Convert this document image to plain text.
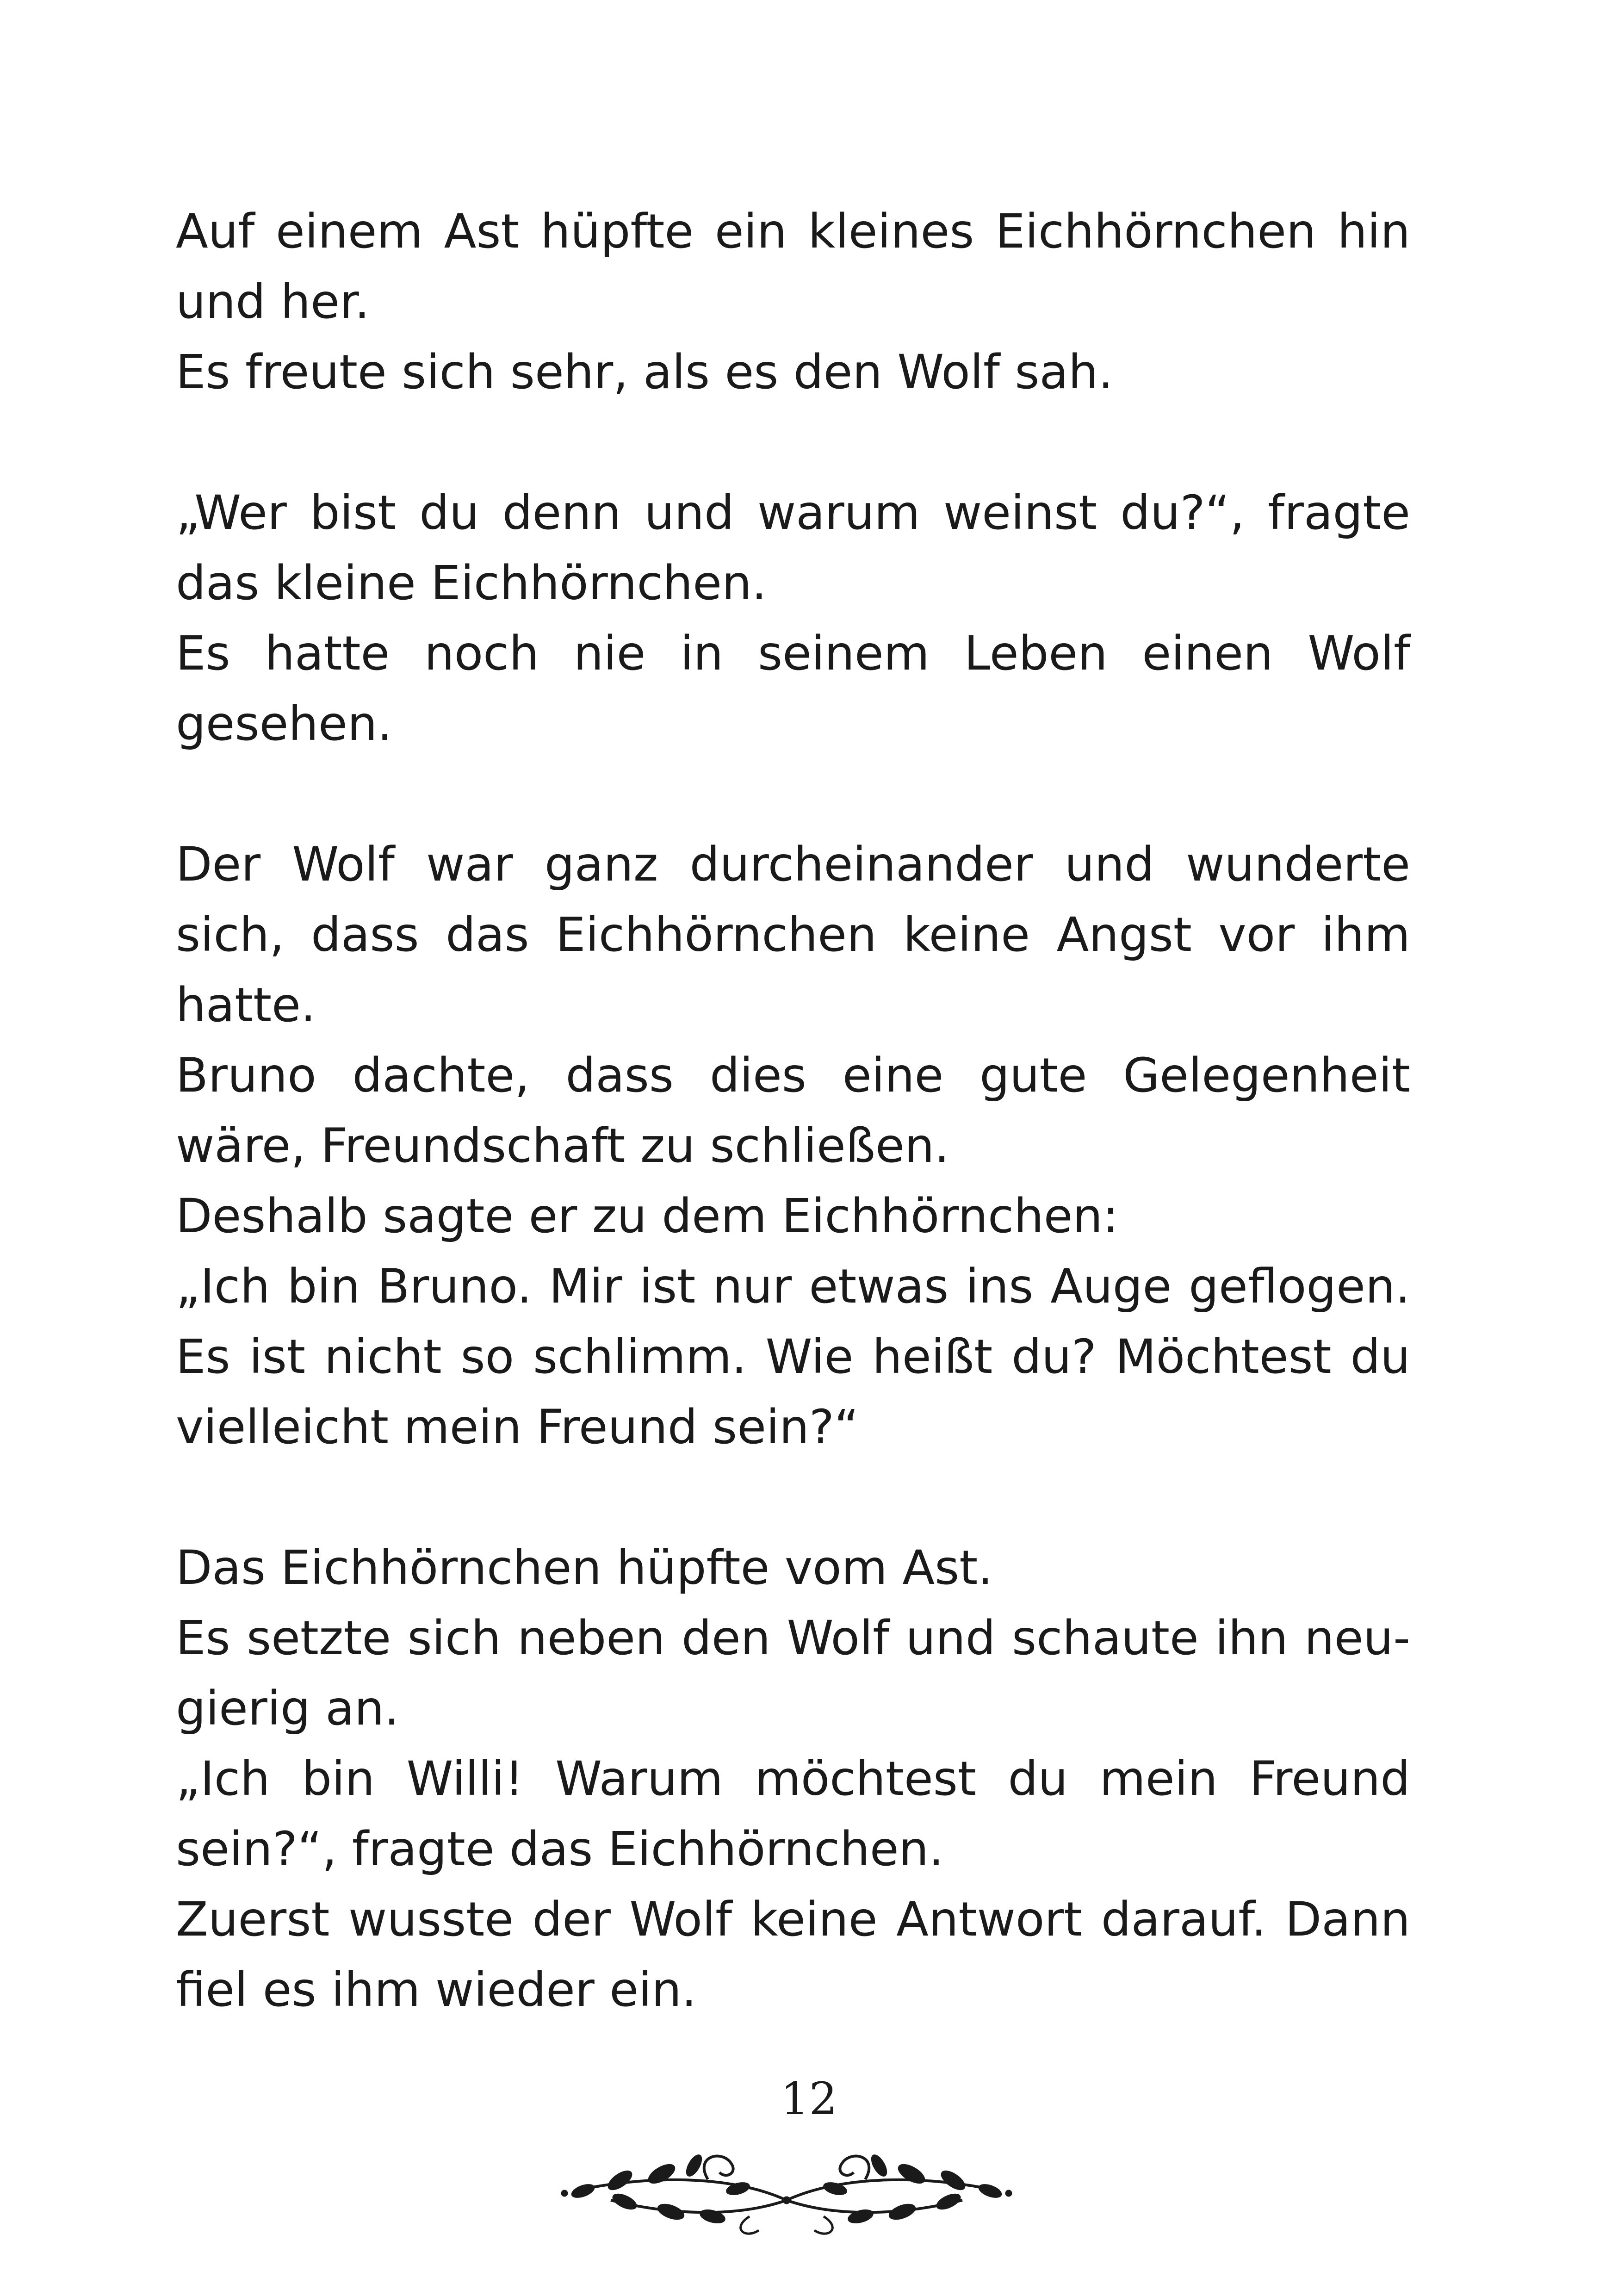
Auf einem Ast hüpfte ein kleines Eichhörnchen hin
und her.
Es freute sich sehr, als es den Wolf sah.
„Wer bist du denn und warum weinst du?“, fragte
das kleine Eichhörnchen.
Es hatte noch nie in seinem Leben einen Wolf
gesehen.
Der Wolf war ganz durcheinander und wunderte
sich, dass das Eichhörnchen keine Angst vor ihm
hatte.
Bruno dachte, dass dies eine gute Gelegenheit
wäre, Freundschaft zu schließen.
Deshalb sagte er zu dem Eichhörnchen:
„Ich bin Bruno. Mir ist nur etwas ins Auge geflogen.
Es ist nicht so schlimm. Wie heißt du? Möchtest du
vielleicht mein Freund sein?“
Das Eichhörnchen hüpfte vom Ast.
Es setzte sich neben den Wolf und schaute ihn neu-
gierig an.
„Ich bin Willi! Warum möchtest du mein Freund
sein?“, fragte das Eichhörnchen.
Zuerst wusste der Wolf keine Antwort darauf. Dann
fiel es ihm wieder ein.
12
